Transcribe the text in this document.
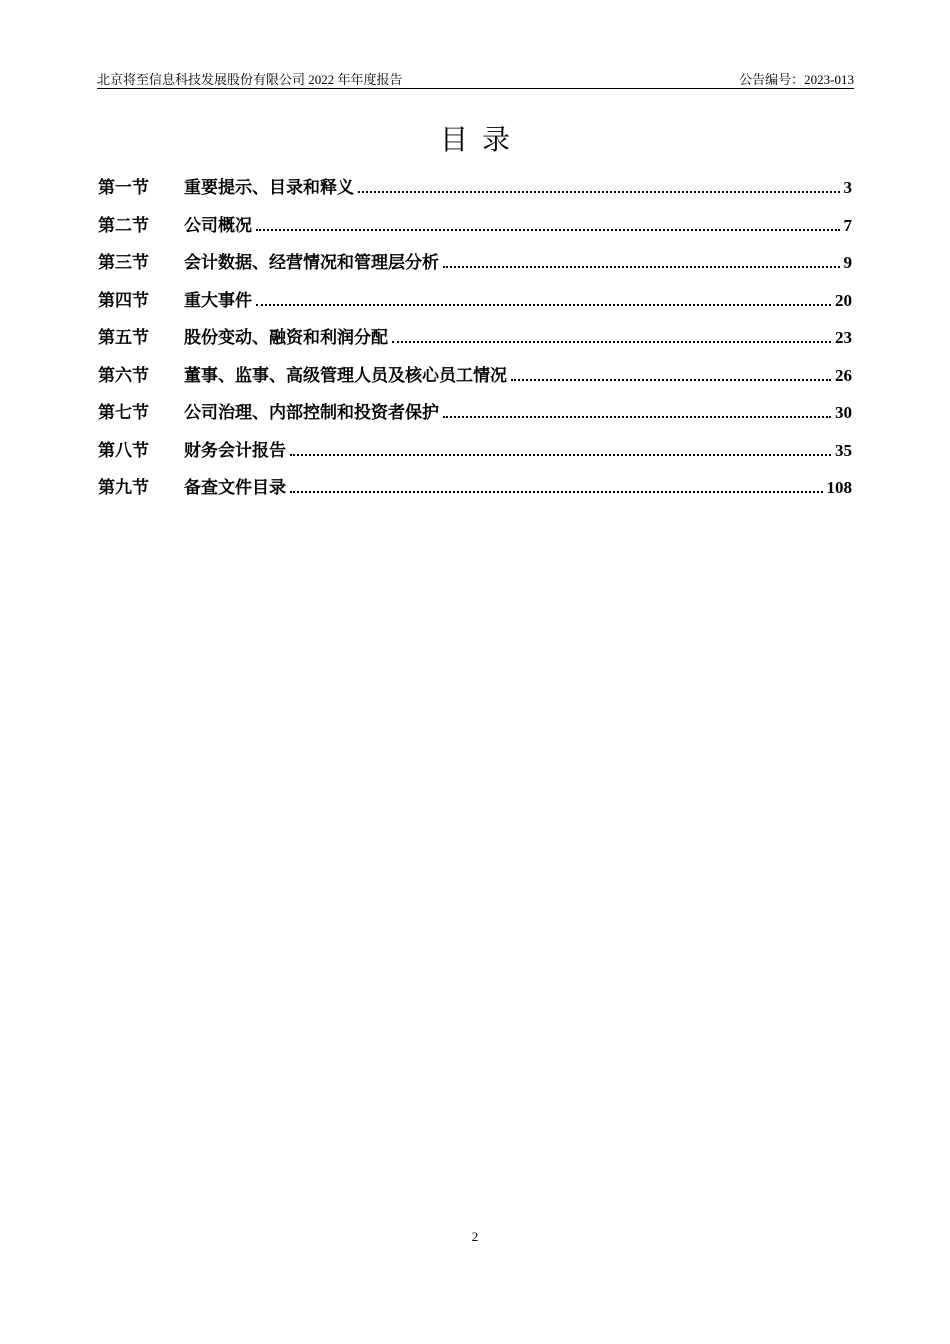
北京将至信息科技发展股份有限公司 2022 年年度报告	公告编号：2023-013
目录
第一节	重要提示、目录和释义	3
第二节	公司概况	7
第三节	会计数据、经营情况和管理层分析	9
第四节	重大事件	20
第五节	股份变动、融资和利润分配	23
第六节	董事、监事、高级管理人员及核心员工情况	26
第七节	公司治理、内部控制和投资者保护	30
第八节	财务会计报告	35
第九节	备查文件目录	108
2
